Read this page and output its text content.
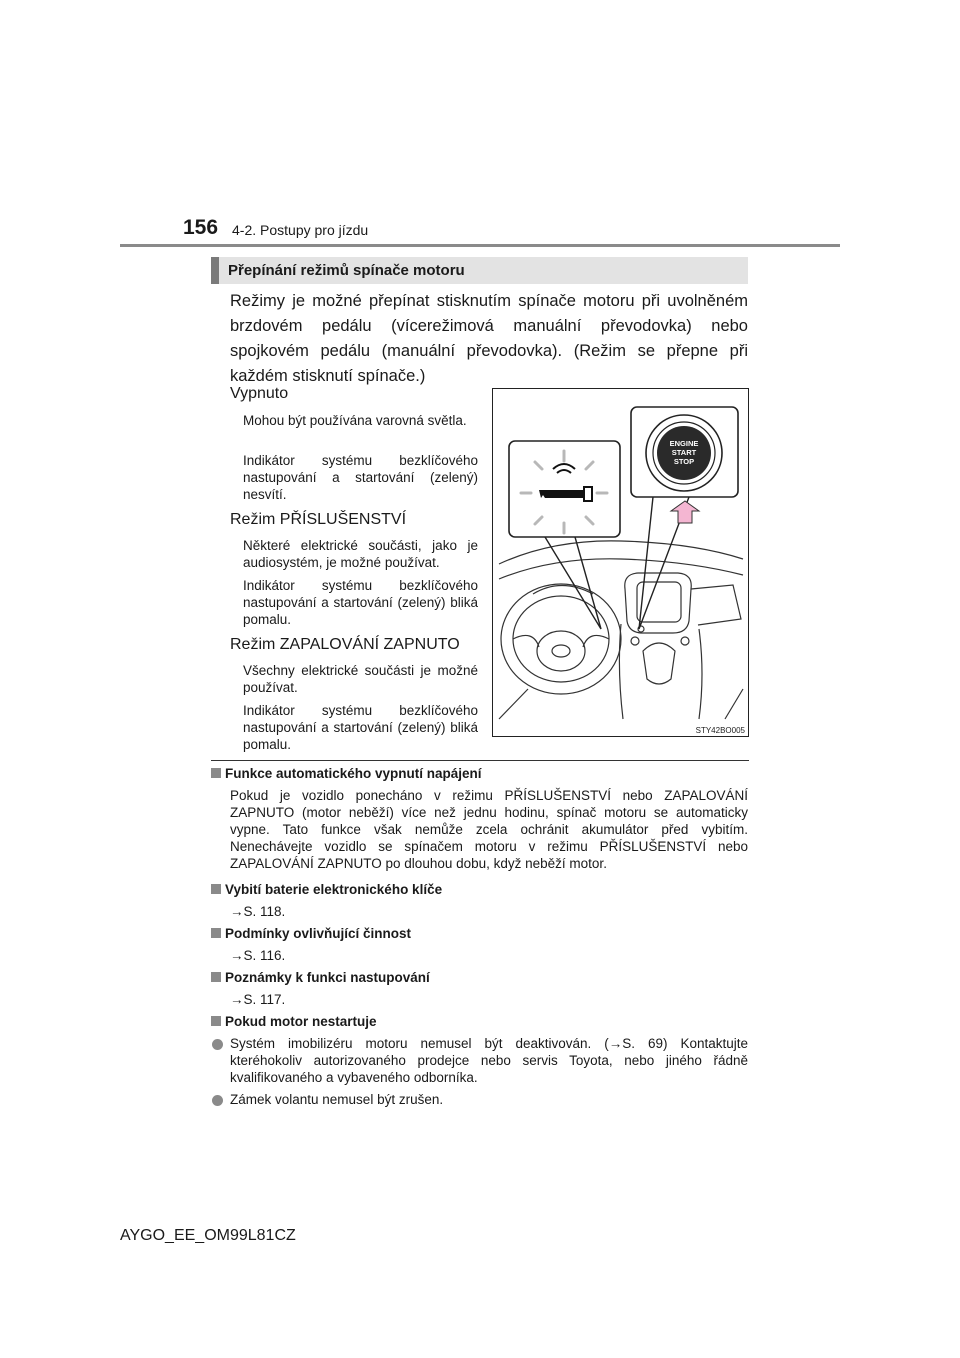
156 4-2. Postupy pro jízdu
Přepínání režimů spínače motoru
Režimy je možné přepínat stisknutím spínače motoru při uvolněném brzdovém pedálu (vícerežimová manuální převodovka) nebo spojkovém pedálu (manuální převodovka). (Režim se přepne při každém stisknutí spínače.)
Vypnuto
Mohou být používána varovná světla.
Indikátor systému bezklíčového nastupování a startování (zelený) nesvítí.
Režim PŘÍSLUŠENSTVÍ
Některé elektrické součásti, jako je audiosystém, je možné používat.
Indikátor systému bezklíčového nastupování a startování (zelený) bliká pomalu.
Režim ZAPALOVÁNÍ ZAPNUTO
Všechny elektrické součásti je možné používat.
Indikátor systému bezklíčového nastupování a startování (zelený) bliká pomalu.
ENGINE
START
STOP
STY42BO005
Funkce automatického vypnutí napájení
Pokud je vozidlo ponecháno v režimu PŘÍSLUŠENSTVÍ nebo ZAPALOVÁNÍ ZAPNUTO (motor neběží) více než jednu hodinu, spínač motoru se automaticky vypne. Tato funkce však nemůže zcela ochránit akumulátor před vybitím. Nenechávejte vozidlo se spínačem motoru v režimu PŘÍSLUŠENSTVÍ nebo ZAPALOVÁNÍ ZAPNUTO po dlouhou dobu, když neběží motor.
Vybití baterie elektronického klíče
→S. 118.
Podmínky ovlivňující činnost
→S. 116.
Poznámky k funkci nastupování
→S. 117.
Pokud motor nestartuje
Systém imobilizéru motoru nemusel být deaktivován. (→S. 69) Kontaktujte kteréhokoliv autorizovaného prodejce nebo servis Toyota, nebo jiného řádně kvalifikovaného a vybaveného odborníka.
Zámek volantu nemusel být zrušen.
AYGO_EE_OM99L81CZ
